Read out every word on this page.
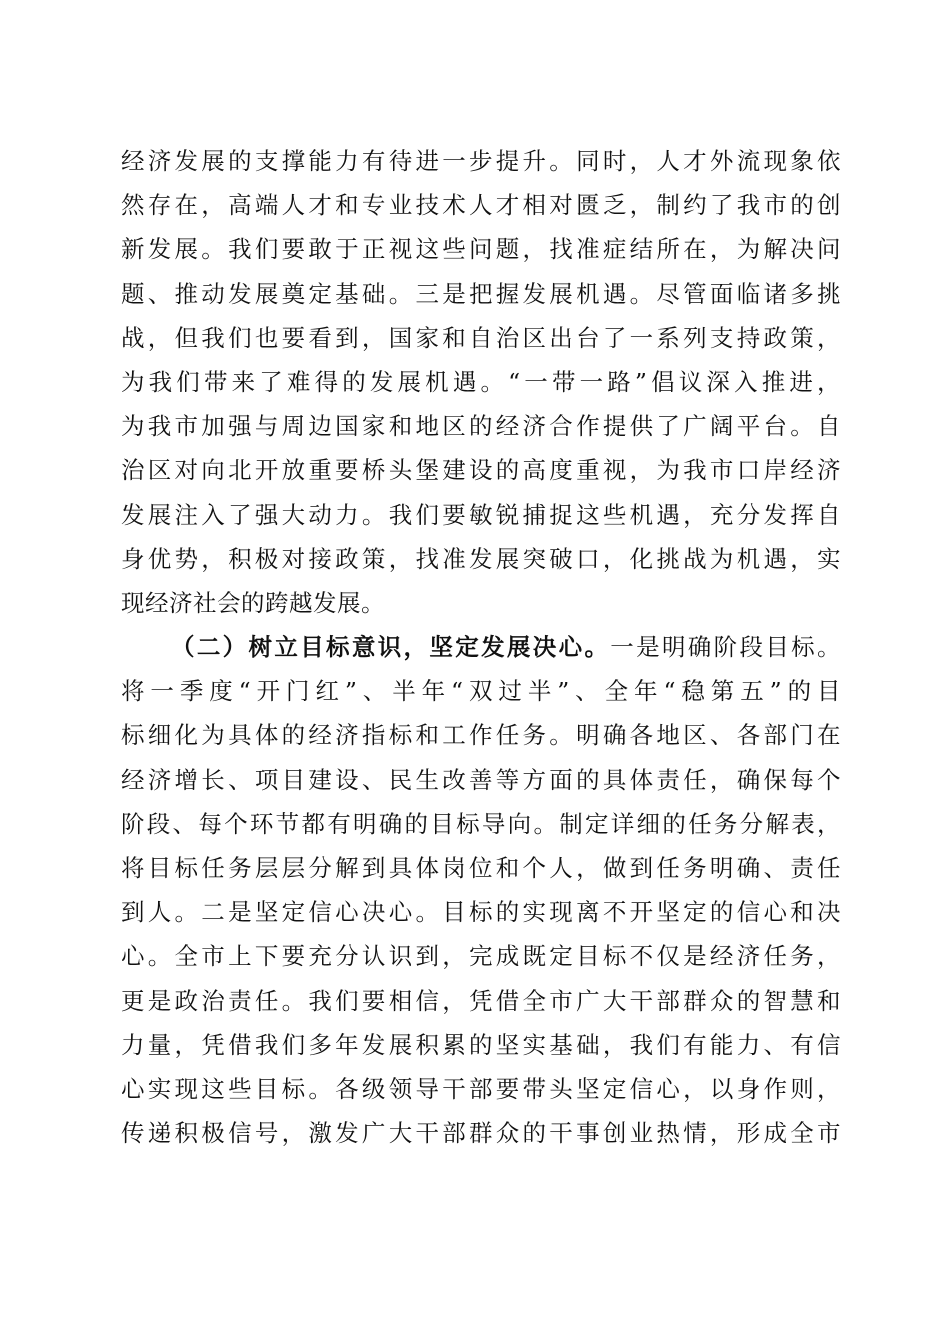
经济发展的支撑能力有待进一步提升。同时，人才外流现象依
然存在，高端人才和专业技术人才相对匮乏，制约了我市的创
新发展。我们要敢于正视这些问题，找准症结所在，为解决问
题、推动发展奠定基础。三是把握发展机遇。尽管面临诸多挑
战，但我们也要看到，国家和自治区出台了一系列支持政策，
为我们带来了难得的发展机遇。“一带一路”倡议深入推进，
为我市加强与周边国家和地区的经济合作提供了广阔平台。自
治区对向北开放重要桥头堡建设的高度重视，为我市口岸经济
发展注入了强大动力。我们要敏锐捕捉这些机遇，充分发挥自
身优势，积极对接政策，找准发展突破口，化挑战为机遇，实
现经济社会的跨越发展。
（二）树立目标意识，坚定发展决心。一是明确阶段目标。
将一季度“开门红”、半年“双过半”、全年“稳第五”的目
标细化为具体的经济指标和工作任务。明确各地区、各部门在
经济增长、项目建设、民生改善等方面的具体责任，确保每个
阶段、每个环节都有明确的目标导向。制定详细的任务分解表，
将目标任务层层分解到具体岗位和个人，做到任务明确、责任
到人。二是坚定信心决心。目标的实现离不开坚定的信心和决
心。全市上下要充分认识到，完成既定目标不仅是经济任务，
更是政治责任。我们要相信，凭借全市广大干部群众的智慧和
力量，凭借我们多年发展积累的坚实基础，我们有能力、有信
心实现这些目标。各级领导干部要带头坚定信心，以身作则，
传递积极信号，激发广大干部群众的干事创业热情，形成全市
